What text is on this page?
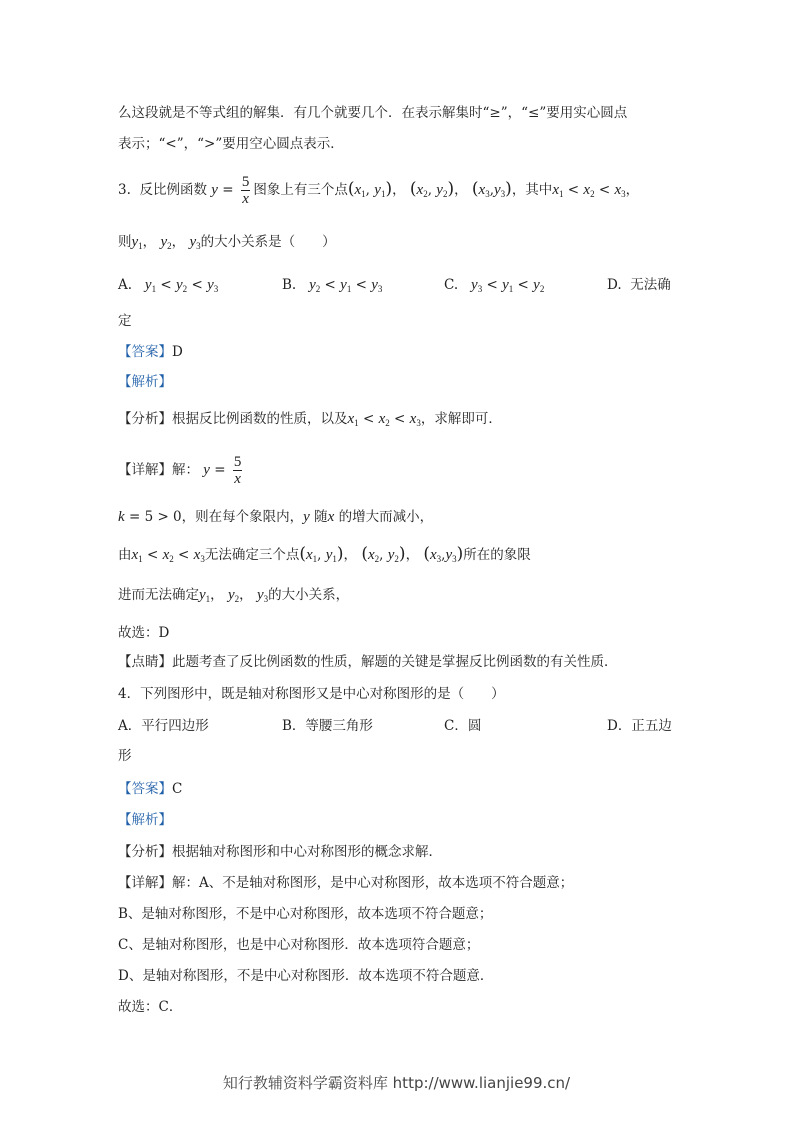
么这段就是不等式组的解集．有几个就要几个．在表示解集时“≥”，“≤”要用实心圆点
表示；“<”，“>”要用空心圆点表示．
3. 反比例函数 $y = \frac{5}{x}$ 图象上有三个点($x_1$, $y_1$)， ($x_2$, $y_2$)， $(x_3,y_3)$，其中$x_1 < x_2 < x_3$，
则$y_1$， $y_2$， $y_3$的大小关系是（　　）
A. $y_1 < y_2 < y_3$	B. $y_2 < y_1 < y_3$	C. $y_3 < y_1 < y_2$	D. 无法确
定
【答案】D
【解析】
【分析】根据反比例函数的性质，以及$x_1 < x_2 < x_3$，求解即可．
【详解】解： $y = \frac{5}{x}$
k = 5 > 0，则在每个象限内，y 随x 的增大而减小，
由$x_1 < x_2 < x_3$无法确定三个点($x_1$, $y_1$)， ($x_2$, $y_2$)， $(x_3,y_3)$所在的象限
进而无法确定$y_1$， $y_2$， $y_3$的大小关系，
故选：D
【点睛】此题考查了反比例函数的性质，解题的关键是掌握反比例函数的有关性质．
4．下列图形中，既是轴对称图形又是中心对称图形的是（　　）
A．平行四边形	B．等腰三角形	C．圆	D．正五边
形
【答案】C
【解析】
【分析】根据轴对称图形和中心对称图形的概念求解．
【详解】解：A、不是轴对称图形，是中心对称图形，故本选项不符合题意；
B、是轴对称图形，不是中心对称图形，故本选项不符合题意；
C、是轴对称图形，也是中心对称图形．故本选项符合题意；
D、是轴对称图形，不是中心对称图形．故本选项不符合题意．
故选：C．
知行教辅资料学霸资料库 http://www.lianjie99.cn/
